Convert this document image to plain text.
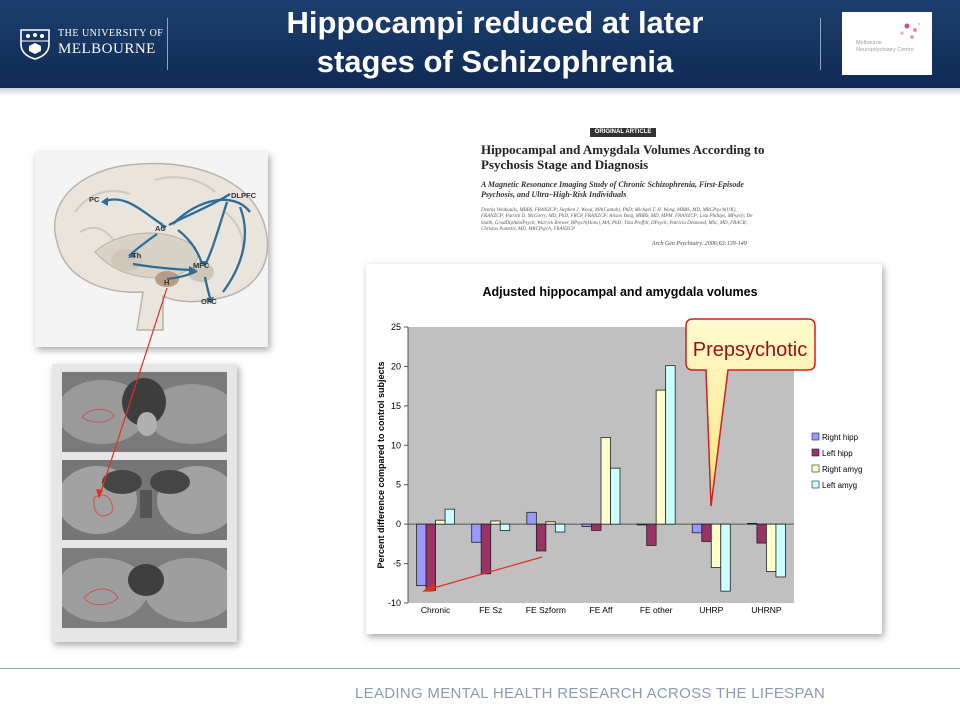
THE UNIVERSITY OF
MELBOURNE
Hippocampi reduced at later
stages of Schizophrenia
Melbourne Neuropsychiatry Centre
PC
AC
DLPFC
Th
MFC
H
OFC
ORIGINAL ARTICLE
Hippocampal and Amygdala Volumes According to Psychosis Stage and Diagnosis
A Magnetic Resonance Imaging Study of Chronic Schizophrenia, First-Episode Psychosis, and Ultra–High-Risk Individuals
Dennis Velakoulis, MBBS, FRANZCP; Stephen J. Wood, MA(Cantab), PhD; Michael T. H. Wong, MBBS, MD, MRCPsych(UK), FRANZCP; Patrick D. McGorry, MD, PhD, FRCP, FRANZCP; Alison Yung, MBBS, MD, MPM, FRANZCP; Lisa Phillips, MPsych; De Smith, GradDipAdolPsych; Warrick Brewer, BPsych(Hons), MA, PhD; Tina Proffitt, DPsych; Patricia Desmond, MSc, MD, FRACR; Christos Pantelis, MD, MRCPsych, FRANZCP
Arch Gen Psychiatry. 2006;63:139-149
Adjusted hippocampal and amygdala volumes
Percent difference compared to control subjects
25
20
15
10
5
0
-5
-10
Chronic	FE Sz	FE Szform	FE Aff	FE other	UHRP	UHRNP
Right hipp
Left hipp
Right amyg
Left amyg
Prepsychotic
LEADING MENTAL HEALTH RESEARCH ACROSS THE LIFESPAN
